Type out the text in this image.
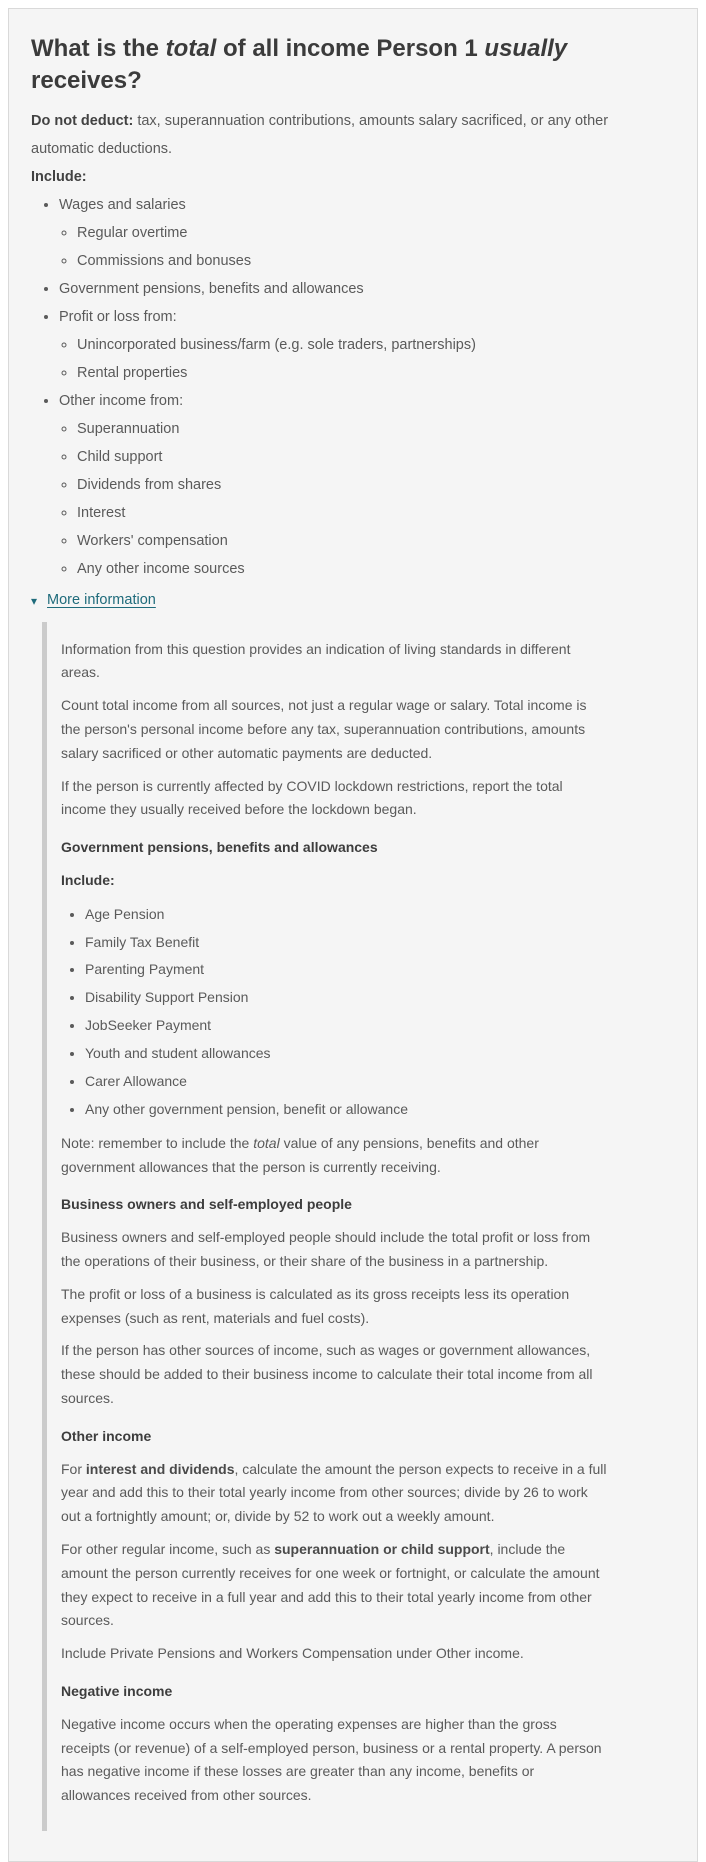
What is the total of all income Person 1 usually receives?

Do not deduct: tax, superannuation contributions, amounts salary sacrificed, or any other automatic deductions.

Include:

• Wages and salaries
◦ Regular overtime
◦ Commissions and bonuses
• Government pensions, benefits and allowances
• Profit or loss from:
◦ Unincorporated business/farm (e.g. sole traders, partnerships)
◦ Rental properties
• Other income from:
◦ Superannuation
◦ Child support
◦ Dividends from shares
◦ Interest
◦ Workers' compensation
◦ Any other income sources
▾ More information

Information from this question provides an indication of living standards in different areas.

Count total income from all sources, not just a regular wage or salary. Total income is the person's personal income before any tax, superannuation contributions, amounts salary sacrificed or other automatic payments are deducted.

If the person is currently affected by COVID lockdown restrictions, report the total income they usually received before the lockdown began.

Government pensions, benefits and allowances

Include:

• Age Pension
• Family Tax Benefit
• Parenting Payment
• Disability Support Pension
• JobSeeker Payment
• Youth and student allowances
• Carer Allowance
• Any other government pension, benefit or allowance

Note: remember to include the total value of any pensions, benefits and other government allowances that the person is currently receiving.

Business owners and self-employed people

Business owners and self-employed people should include the total profit or loss from the operations of their business, or their share of the business in a partnership.

The profit or loss of a business is calculated as its gross receipts less its operation expenses (such as rent, materials and fuel costs).

If the person has other sources of income, such as wages or government allowances, these should be added to their business income to calculate their total income from all sources.

Other income

For interest and dividends, calculate the amount the person expects to receive in a full year and add this to their total yearly income from other sources; divide by 26 to work out a fortnightly amount; or, divide by 52 to work out a weekly amount.

For other regular income, such as superannuation or child support, include the amount the person currently receives for one week or fortnight, or calculate the amount they expect to receive in a full year and add this to their total yearly income from other sources.

Include Private Pensions and Workers Compensation under Other income.

Negative income

Negative income occurs when the operating expenses are higher than the gross receipts (or revenue) of a self-employed person, business or a rental property. A person has negative income if these losses are greater than any income, benefits or allowances received from other sources.
